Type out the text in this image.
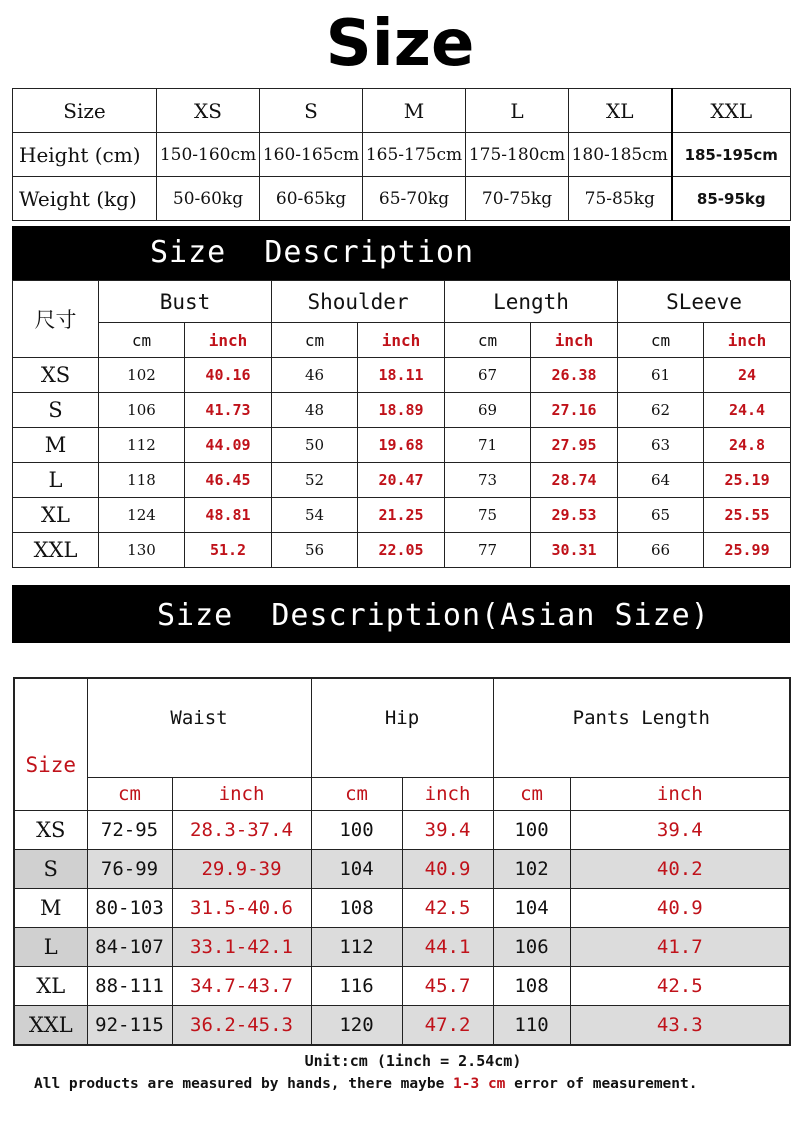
Size
Size	XS	S	M	L	XL	XXL
Height (cm)	150-160cm	160-165cm	165-175cm	175-180cm	180-185cm	185-195cm
Weight (kg)	50-60kg	60-65kg	65-70kg	70-75kg	75-85kg	85-95kg
Size  Description
尺寸	Bust		Shoulder		Length		SLeeve	
	cm	inch	cm	inch	cm	inch	cm	inch
XS	102	40.16	46	18.11	67	26.38	61	24
S	106	41.73	48	18.89	69	27.16	62	24.4
M	112	44.09	50	19.68	71	27.95	63	24.8
L	118	46.45	52	20.47	73	28.74	64	25.19
XL	124	48.81	54	21.25	75	29.53	65	25.55
XXL	130	51.2	56	22.05	77	30.31	66	25.99
Size  Description(Asian Size)
Size	Waist		Hip		Pants Length	
	cm	inch	cm	inch	cm	inch
XS	72-95	28.3-37.4	100	39.4	100	39.4
S	76-99	29.9-39	104	40.9	102	40.2
M	80-103	31.5-40.6	108	42.5	104	40.9
L	84-107	33.1-42.1	112	44.1	106	41.7
XL	88-111	34.7-43.7	116	45.7	108	42.5
XXL	92-115	36.2-45.3	120	47.2	110	43.3
Unit:cm (1inch = 2.54cm)
All products are measured by hands, there maybe 1-3 cm error of measurement.
